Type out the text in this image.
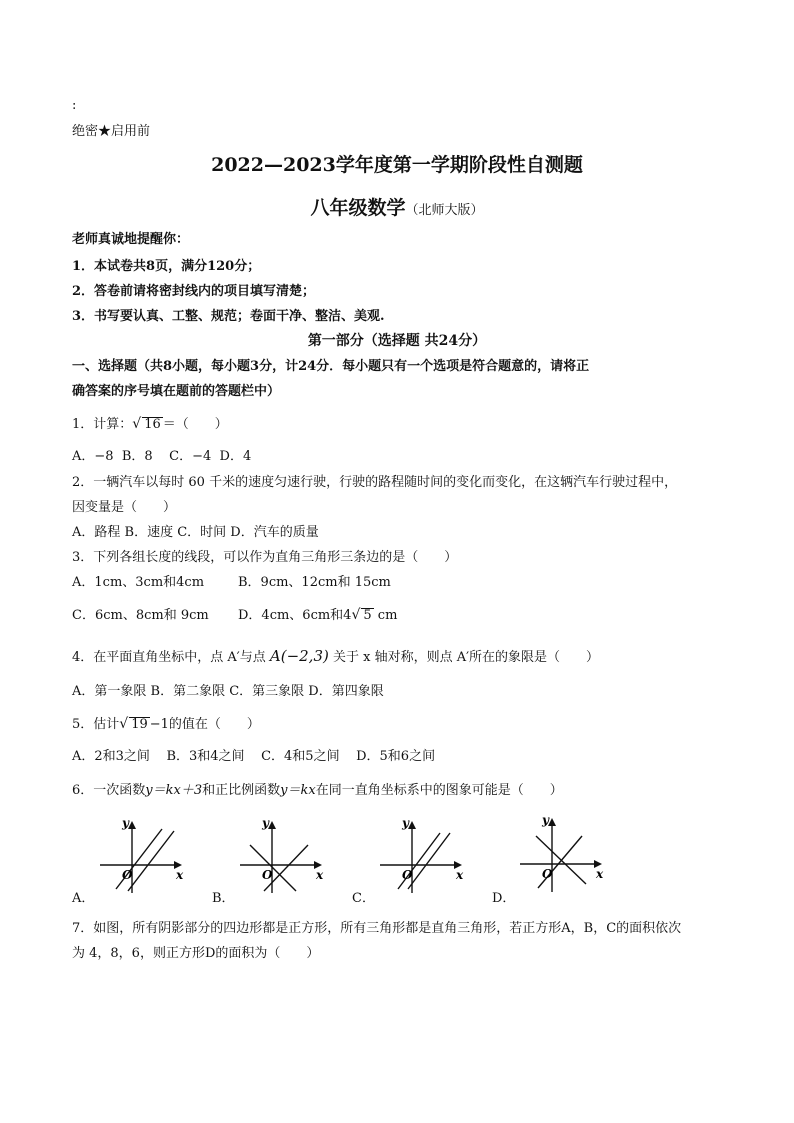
:
绝密★启用前
2022—2023学年度第一学期阶段性自测题
八年级数学（北师大版）
老师真诚地提醒你：
1．本试卷共8页，满分120分；
2．答卷前请将密封线内的项目填写清楚；
3．书写要认真、工整、规范；卷面干净、整洁、美观.
第一部分（选择题 共24分）
一、选择题（共8小题，每小题3分，计24分．每小题只有一个选项是符合题意的，请将正
确答案的序号填在题前的答题栏中）
1．计算：√ 16 ＝（　　）
A．−8  B．8    C．−4  D．4
2．一辆汽车以每时 60 千米的速度匀速行驶，行驶的路程随时间的变化而变化，在这辆汽车行驶过程中，
因变量是（　　）
A．路程 B．速度 C．时间 D．汽车的质量
3．下列各组长度的线段，可以作为直角三角形三条边的是（　　）
A．1cm、3cm和4cm	B．9cm、12cm和 15cm
C．6cm、8cm和 9cm D．4cm、6cm和4√ 5 cm
4．在平面直角坐标中，点 A′与点 A(−2,3) 关于 x 轴对称，则点 A′所在的象限是（　　）
A．第一象限 B．第二象限 C．第三象限 D．第四象限
5．估计√ 19 −1的值在（　　）
A．2和3之间    B．3和4之间    C．4和5之间    D．5和6之间
6．一次函数y＝kx＋3和正比例函数y＝kx在同一直角坐标系中的图象可能是（　　）
A．
y
x
O
B．
y
x
O
C．
y
x
O
D．
y
x
O
7．如图，所有阴影部分的四边形都是正方形，所有三角形都是直角三角形，若正方形A，B，C的面积依次
为 4，8，6，则正方形D的面积为（　　）
